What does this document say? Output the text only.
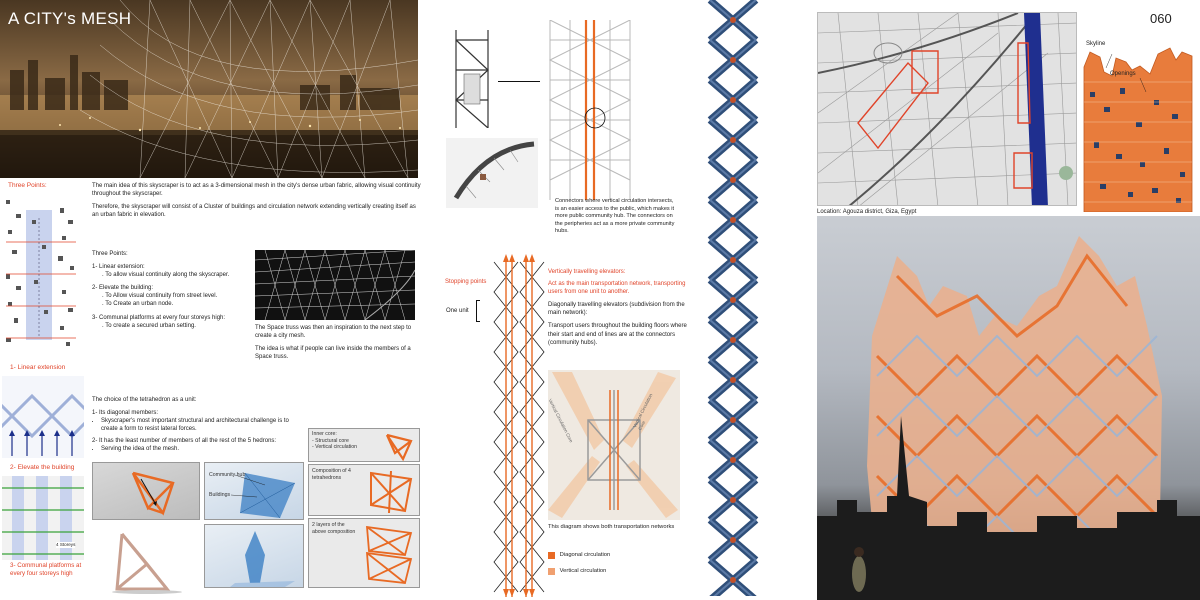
A CITY's MESH
Three Points:
1- Linear extension
2- Elevate the building
4 Storeys
3- Communal platforms at every four storeys high

The main idea of this skyscraper is to act as a 3-dimensional mesh in the city's dense urban fabric, allowing visual continuity throughout the skyscraper.

Therefore, the skyscraper will consist of a Cluster of buildings and circulation network extending vertically creating itself as an urban fabric in elevation.

Three Points:

1- Linear extension:

. To allow visual continuity along the skyscraper.

2- Elevate the building:
. To Allow visual continuity from street level.

. To Create an urban node.

3- Communal platforms at every four storeys high:

. To create a secured urban setting.	The Space truss was then an inspiration to the next step to create a city mesh.

The idea is what if people can live inside the members of a Space truss.

The choice of the tetrahedron as a unit:

1- Its diagonal members:
• Skyscraper's most important structural and architectural challenge is to create a form to resist lateral forces.
2- It has the least number of members of all the rest of the 5 hedrons:
• Serving the idea of the mesh.
Community hub
Buildings
Inner core:
- Structural core
- Vertical circulation
Composition of 4 tetrahedrons
2 layers of the above composition
Connectors where vertical circulation intersects, is an easier access to the public, which makes it more public community hub. The connectors on the peripheries act as a more private community hubs.
Stopping points
One unit

Vertically travelling elevators:

Act as the main transportation network, transporting users from one unit to another.

Diagonally travelling elevators (subdivision from the main network):

Transport users throughout the building floors where their start and end of lines are at the connectors (community hubs).

Vertical Circulation Core	Vertical Circulation Core
This diagram shows both transportation networks
Diagonal circulation
Vertical circulation
Location: Agouza district, Giza, Egypt
Skyline
Openings
060
